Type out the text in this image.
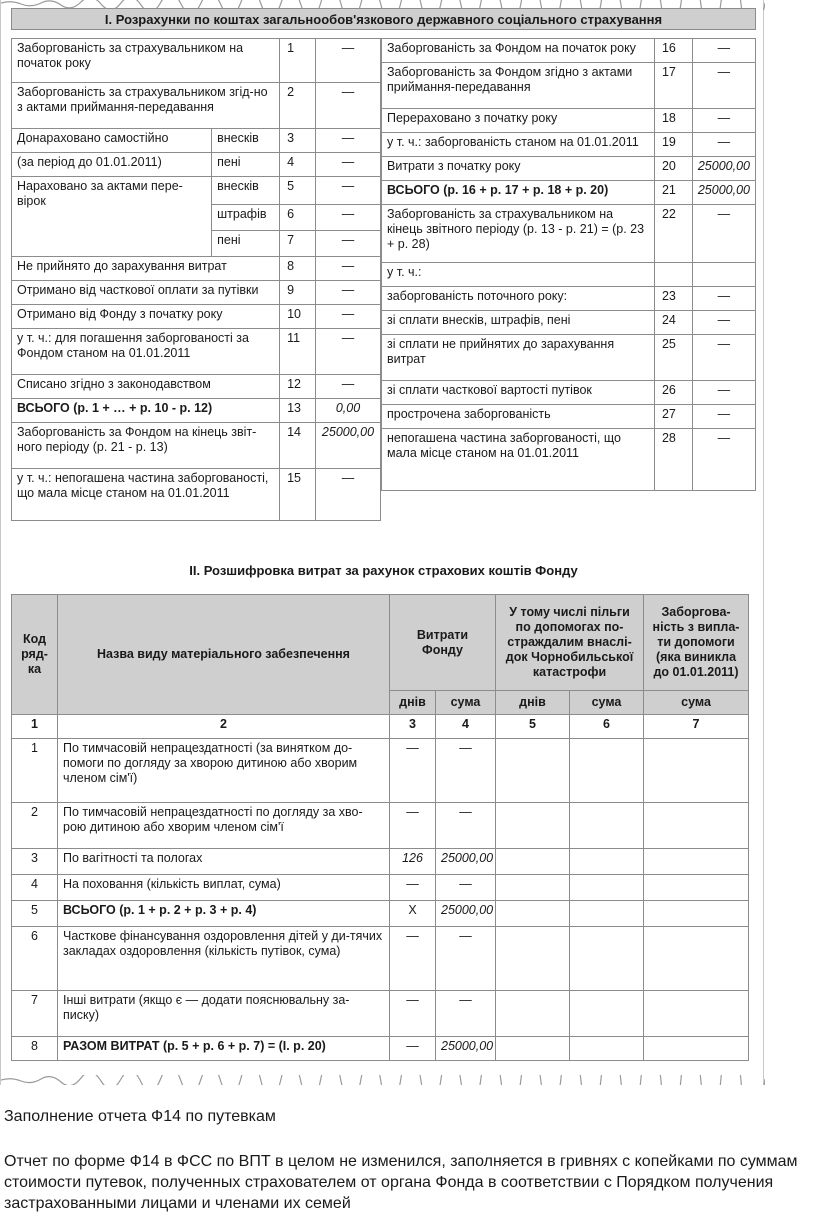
I. Розрахунки по коштах загальнообов'язкового державного соціального страхування
Заборгованість за страхувальником на початок року		1	—
Заборгованість за страхувальником згід-но з актами приймання-передавання		2	—
Донараховано самостійно	внесків	3	—
(за період до 01.01.2011)	пені	4	—
Нараховано за актами пере-вірок	внесків	5	—
	штрафів	6	—
	пені	7	—
Не прийнято до зарахування витрат		8	—
Отримано від часткової оплати за путівки		9	—
Отримано від Фонду з початку року		10	—
у т. ч.: для погашення заборгованості за Фондом станом на 01.01.2011		11	—
Списано згідно з законодавством		12	—
ВСЬОГО (р. 1 + … + р. 10 - р. 12)		13	0,00
Заборгованість за Фондом на кінець звіт-ного періоду (р. 21 - р. 13)		14	25000,00
у т. ч.: непогашена частина заборгованості, що мала місце станом на 01.01.2011		15	—
Заборгованість за Фондом на початок року	16	—
Заборгованість за Фондом згідно з актами приймання-передавання	17	—
Перераховано з початку року	18	—
у т. ч.: заборгованість станом на 01.01.2011	19	—
Витрати з початку року	20	25000,00
ВСЬОГО (р. 16 + р. 17 + р. 18 + р. 20)	21	25000,00
Заборгованість за страхувальником на кінець звітного періоду (р. 13 - р. 21) = (р. 23 + р. 28)	22	—
у т. ч.:		
заборгованість поточного року:	23	—
зі сплати внесків, штрафів, пені	24	—
зі сплати не прийнятих до зарахування витрат	25	—
зі сплати часткової вартості путівок	26	—
прострочена заборгованість	27	—
непогашена частина заборгованості, що мала місце станом на 01.01.2011	28	—
II. Розшифровка витрат за рахунок страхових коштів Фонду
Код ряд-ка	Назва виду матеріального забезпечення	Витрати Фонду		У тому числі пільги по допомогах по-страждалим внаслі-док Чорнобильської катастрофи		Заборгова-ність з випла-ти допомоги (яка виникла до 01.01.2011)
		днів	сума	днів	сума	сума
1	2	3	4	5	6	7
1	По тимчасовій непрацездатності (за винятком до-помоги по догляду за хворою дитиною або хворим членом сім'ї)	—	—			
2	По тимчасовій непрацездатності по догляду за хво-рою дитиною або хворим членом сім'ї	—	—			
3	По вагітності та пологах	126	25000,00			
4	На поховання (кількість виплат, сума)	—	—			
5	ВСЬОГО (р. 1 + р. 2 + р. 3 + р. 4)	X	25000,00			
6	Часткове фінансування оздоровлення дітей у ди-тячих закладах оздоровлення (кількість путівок, сума)	—	—			
7	Інші витрати (якщо є — додати пояснювальну за-писку)	—	—			
8	РАЗОМ ВИТРАТ (р. 5 + р. 6 + р. 7) = (I. р. 20)	—	25000,00			
Заполнение отчета Ф14 по путевкам
Отчет по форме Ф14 в ФСС по ВПТ в целом не изменился, заполняется в гривнях с копейками по суммам стоимости путевок, полученных страхователем от органа Фонда в соответствии с Порядком получения застрахованными лицами и членами их семей
